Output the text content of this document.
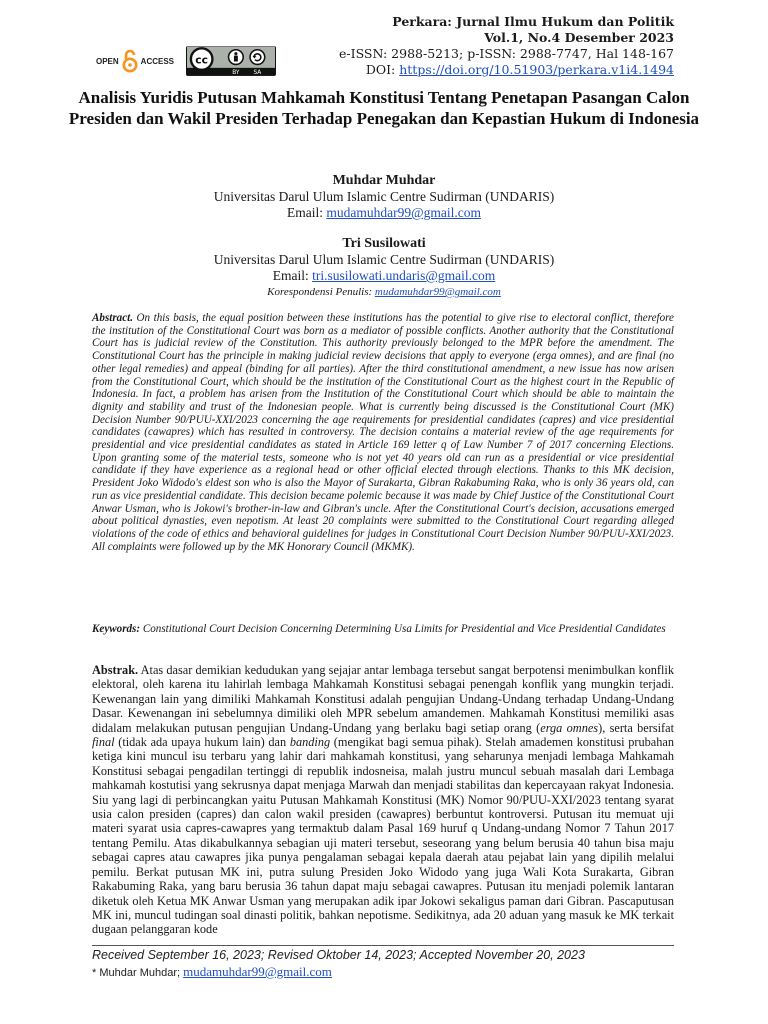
OPEN	ACCESS cc
BY SA
Perkara: Jurnal Ilmu Hukum dan Politik
Vol.1, No.4 Desember 2023
e-ISSN: 2988-5213; p-ISSN: 2988-7747, Hal 148-167
DOI: https://doi.org/10.51903/perkara.v1i4.1494
Analisis Yuridis Putusan Mahkamah Konstitusi Tentang Penetapan Pasangan Calon Presiden dan Wakil Presiden Terhadap Penegakan dan Kepastian Hukum di Indonesia
Muhdar Muhdar
Universitas Darul Ulum Islamic Centre Sudirman (UNDARIS)
Email: mudamuhdar99@gmail.com
Tri Susilowati
Universitas Darul Ulum Islamic Centre Sudirman (UNDARIS)
Email: tri.susilowati.undaris@gmail.com
Korespondensi Penulis: mudamuhdar99@gmail.com
Abstract. On this basis, the equal position between these institutions has the potential to give rise to electoral conflict, therefore the institution of the Constitutional Court was born as a mediator of possible conflicts. Another authority that the Constitutional Court has is judicial review of the Constitution. This authority previously belonged to the MPR before the amendment. The Constitutional Court has the principle in making judicial review decisions that apply to everyone (erga omnes), and are final (no other legal remedies) and appeal (binding for all parties). After the third constitutional amendment, a new issue has now arisen from the Constitutional Court, which should be the institution of the Constitutional Court as the highest court in the Republic of Indonesia. In fact, a problem has arisen from the Institution of the Constitutional Court which should be able to maintain the dignity and stability and trust of the Indonesian people. What is currently being discussed is the Constitutional Court (MK) Decision Number 90/PUU-XXI/2023 concerning the age requirements for presidential candidates (capres) and vice presidential candidates (cawapres) which has resulted in controversy. The decision contains a material review of the age requirements for presidential and vice presidential candidates as stated in Article 169 letter q of Law Number 7 of 2017 concerning Elections. Upon granting some of the material tests, someone who is not yet 40 years old can run as a presidential or vice presidential candidate if they have experience as a regional head or other official elected through elections. Thanks to this MK decision, President Joko Widodo's eldest son who is also the Mayor of Surakarta, Gibran Rakabuming Raka, who is only 36 years old, can run as vice presidential candidate. This decision became polemic because it was made by Chief Justice of the Constitutional Court Anwar Usman, who is Jokowi's brother-in-law and Gibran's uncle. After the Constitutional Court's decision, accusations emerged about political dynasties, even nepotism. At least 20 complaints were submitted to the Constitutional Court regarding alleged violations of the code of ethics and behavioral guidelines for judges in Constitutional Court Decision Number 90/PUU-XXI/2023. All complaints were followed up by the MK Honorary Council (MKMK).
Keywords: Constitutional Court Decision Concerning Determining Usa Limits for Presidential and Vice Presidential Candidates
Abstrak. Atas dasar demikian kedudukan yang sejajar antar lembaga tersebut sangat berpotensi menimbulkan konflik elektoral, oleh karena itu lahirlah lembaga Mahkamah Konstitusi sebagai penengah konflik yang mungkin terjadi. Kewenangan lain yang dimiliki Mahkamah Konstitusi adalah pengujian Undang-Undang terhadap Undang-Undang Dasar. Kewenangan ini sebelumnya dimiliki oleh MPR sebelum amandemen. Mahkamah Konstitusi memiliki asas didalam melakukan putusan pengujian Undang-Undang yang berlaku bagi setiap orang (erga omnes), serta bersifat final (tidak ada upaya hukum lain) dan banding (mengikat bagi semua pihak). Stelah amademen konstitusi prubahan ketiga kini muncul isu terbaru yang lahir dari mahkamah konstitusi, yang seharunya menjadi lembaga Mahkamah Konstitusi sebagai pengadilan tertinggi di republik indosneisa, malah justru muncul sebuah masalah dari Lembaga mahkamah kostutisi yang sekrusnya dapat menjaga Marwah dan menjadi stabilitas dan kepercayaan rakyat Indonesia. Siu yang lagi di perbincangkan yaitu Putusan Mahkamah Konstitusi (MK) Nomor 90/PUU-XXI/2023 tentang syarat usia calon presiden (capres) dan calon wakil presiden (cawapres) berbuntut kontroversi. Putusan itu memuat uji materi syarat usia capres-cawapres yang termaktub dalam Pasal 169 huruf q Undang-undang Nomor 7 Tahun 2017 tentang Pemilu. Atas dikabulkannya sebagian uji materi tersebut, seseorang yang belum berusia 40 tahun bisa maju sebagai capres atau cawapres jika punya pengalaman sebagai kepala daerah atau pejabat lain yang dipilih melalui pemilu. Berkat putusan MK ini, putra sulung Presiden Joko Widodo yang juga Wali Kota Surakarta, Gibran Rakabuming Raka, yang baru berusia 36 tahun dapat maju sebagai cawapres. Putusan itu menjadi polemik lantaran diketuk oleh Ketua MK Anwar Usman yang merupakan adik ipar Jokowi sekaligus paman dari Gibran. Pascaputusan MK ini, muncul tudingan soal dinasti politik, bahkan nepotisme. Sedikitnya, ada 20 aduan yang masuk ke MK terkait dugaan pelanggaran kode
Received September 16, 2023; Revised Oktober 14, 2023; Accepted November 20, 2023
* Muhdar Muhdar; mudamuhdar99@gmail.com
